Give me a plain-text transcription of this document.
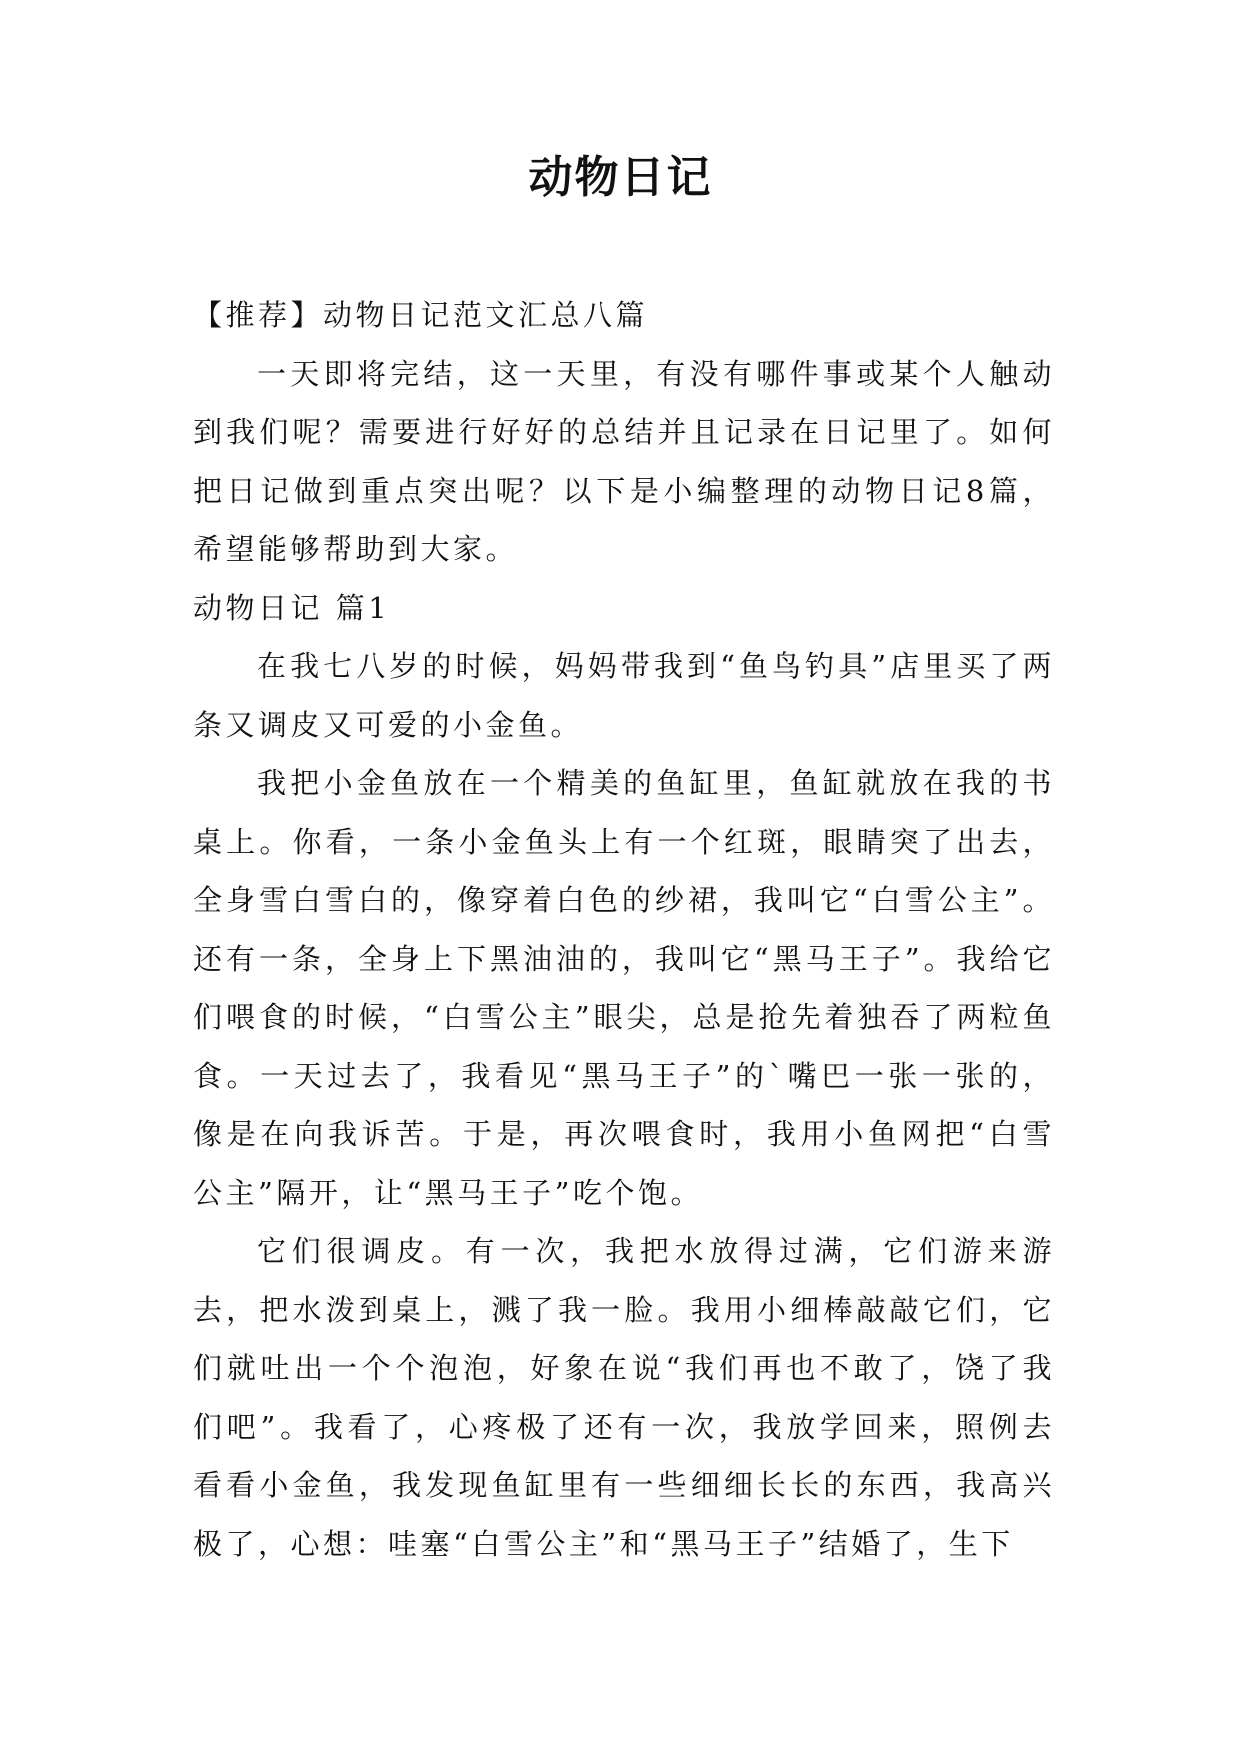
动物日记

【推荐】动物日记范文汇总八篇

一天即将完结，这一天里，有没有哪件事或某个人触动到我们呢？需要进行好好的总结并且记录在日记里了。如何把日记做到重点突出呢？以下是小编整理的动物日记8篇，希望能够帮助到大家。

动物日记 篇1

在我七八岁的时候，妈妈带我到“鱼鸟钓具”店里买了两条又调皮又可爱的小金鱼。

我把小金鱼放在一个精美的鱼缸里，鱼缸就放在我的书桌上。你看，一条小金鱼头上有一个红斑，眼睛突了出去，全身雪白雪白的，像穿着白色的纱裙，我叫它“白雪公主”。还有一条，全身上下黑油油的，我叫它“黑马王子”。我给它们喂食的时候，“白雪公主”眼尖，总是抢先着独吞了两粒鱼食。一天过去了，我看见“黑马王子”的`嘴巴一张一张的，像是在向我诉苦。于是，再次喂食时，我用小鱼网把“白雪公主”隔开，让“黑马王子”吃个饱。

它们很调皮。有一次，我把水放得过满，它们游来游去，把水泼到桌上，溅了我一脸。我用小细棒敲敲它们，它们就吐出一个个泡泡，好象在说“我们再也不敢了，饶了我们吧”。我看了，心疼极了还有一次，我放学回来，照例去看看小金鱼，我发现鱼缸里有一些细细长长的东西，我高兴极了，心想：哇塞“白雪公主”和“黑马王子”结婚了，生下
